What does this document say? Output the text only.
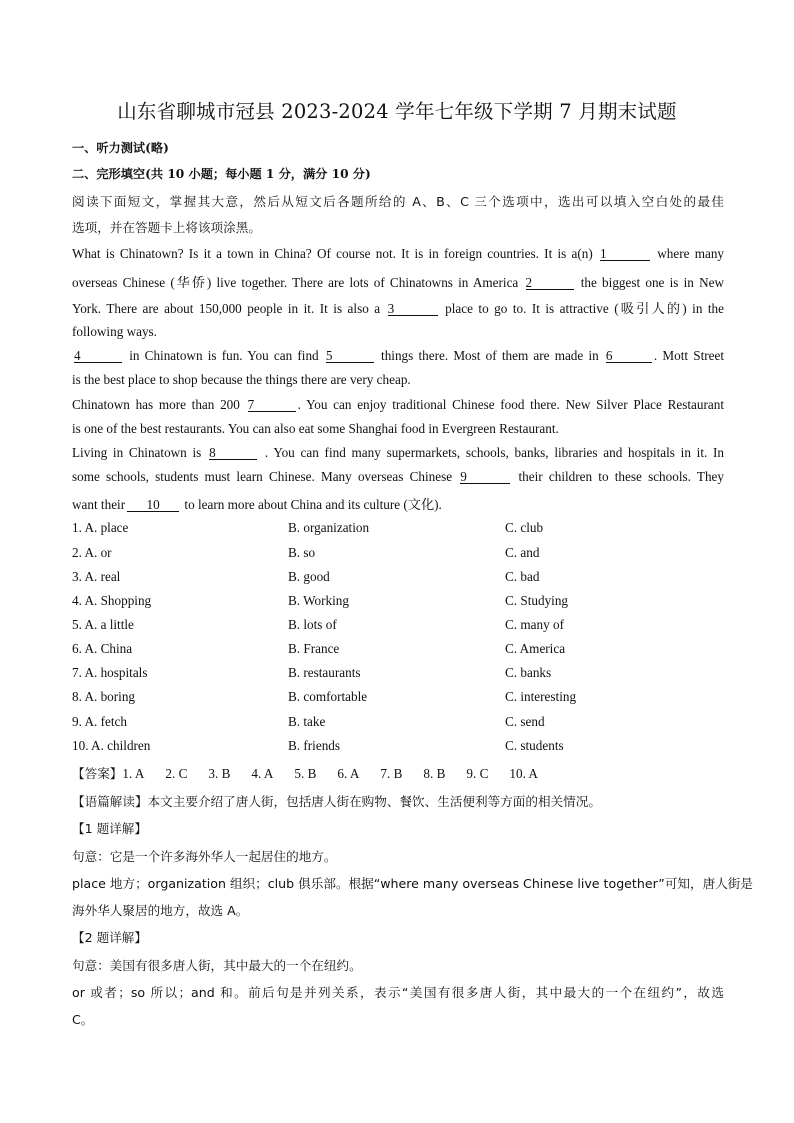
山东省聊城市冠县 2023-2024 学年七年级下学期 7 月期末试题
一、听力测试(略)
二、完形填空(共 10 小题；每小题 1 分，满分 10 分)
阅读下面短文，掌握其大意，然后从短文后各题所给的 A、B、C 三个选项中，选出可以填入空白处的最佳
选项，并在答题卡上将该项涂黑。
What is Chinatown? Is it a town in China? Of course not. It is in foreign countries. It is a(n) 1	where many
overseas Chinese (华侨) live together. There are lots of Chinatowns in America 2	the biggest one is in New
York. There are about 150,000 people in it. It is also a 3	place to go to. It is attractive (吸引人的) in the
following ways.
4	in Chinatown is fun. You can find 5	things there. Most of them are made in 6	. Mott Street
is the best place to shop because the things there are very cheap.
Chinatown has more than 200 7	. You can enjoy traditional Chinese food there. New Silver Place Restaurant
is one of the best restaurants. You can also eat some Shanghai food in Evergreen Restaurant.
Living in Chinatown is 8	. You can find many supermarkets, schools, banks, libraries and hospitals in it. In
some schools, students must learn Chinese. Many overseas Chinese 9	their children to these schools. They
want their 10 to learn more about China and its culture (文化).
1. A. place	B. organization	C. club
2. A. or	B. so	C. and
3. A. real	B. good	C. bad
4. A. Shopping	B. Working	C. Studying
5. A. a little	B. lots of	C. many of
6. A. China	B. France	C. America
7. A. hospitals	B. restaurants	C. banks
8. A. boring	B. comfortable	C. interesting
9. A. fetch	B. take	C. send
10. A. children	B. friends	C. students
【答案】1. A 2. C 3. B 4. A 5. B 6. A 7. B 8. B 9. C 10. A
【语篇解读】本文主要介绍了唐人街，包括唐人街在购物、餐饮、生活便利等方面的相关情况。
【1 题详解】
句意：它是一个许多海外华人一起居住的地方。
place 地方；organization 组织；club 俱乐部。根据“where many overseas Chinese live together”可知，唐人街是
海外华人聚居的地方，故选 A。
【2 题详解】
句意：美国有很多唐人街，其中最大的一个在纽约。
or 或者；so 所以；and 和。前后句是并列关系，表示“美国有很多唐人街，其中最大的一个在纽约”，故选
C。
